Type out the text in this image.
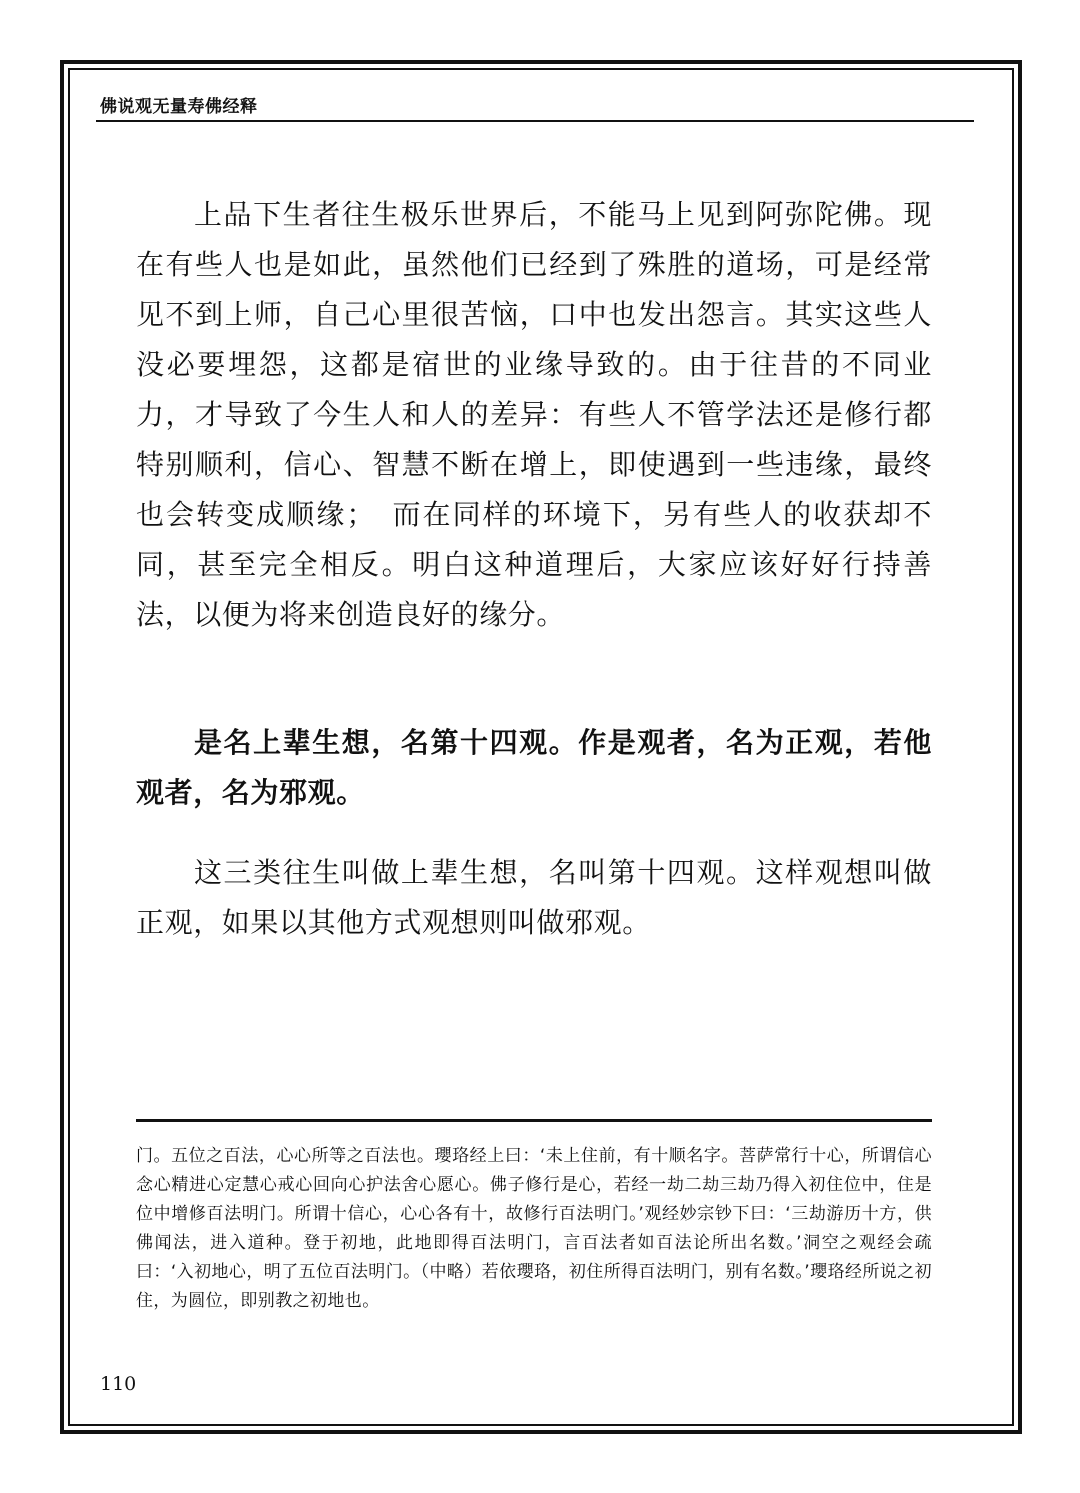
佛说观无量寿佛经释

上品下生者往生极乐世界后，不能马上见到阿弥陀佛。现在有些人也是如此，虽然他们已经到了殊胜的道场，可是经常见不到上师，自己心里很苦恼，口中也发出怨言。其实这些人没必要埋怨，这都是宿世的业缘导致的。由于往昔的不同业力，才导致了今生人和人的差异：有些人不管学法还是修行都特别顺利，信心、智慧不断在增上，即使遇到一些违缘，最终也会转变成顺缘；　而在同样的环境下，另有些人的收获却不同，甚至完全相反。明白这种道理后，大家应该好好行持善法，以便为将来创造良好的缘分。

是名上辈生想，名第十四观。作是观者，名为正观，若他观者，名为邪观。

这三类往生叫做上辈生想，名叫第十四观。这样观想叫做正观，如果以其他方式观想则叫做邪观。

门。五位之百法，心心所等之百法也。瓔珞经上曰：‘未上住前，有十顺名字。菩萨常行十心，所谓信心念心精进心定慧心戒心回向心护法舍心愿心。佛子修行是心，若经一劫二劫三劫乃得入初住位中，住是位中增修百法明门。所谓十信心，心心各有十，故修行百法明门。’观经妙宗钞下曰：‘三劫游历十方，供佛闻法，进入道种。登于初地，此地即得百法明门，言百法者如百法论所出名数。’洞空之观经会疏曰：‘入初地心，明了五位百法明门。（中略）若依瓔珞，初住所得百法明门，别有名数。’瓔珞经所说之初住，为圆位，即别教之初地也。

110
